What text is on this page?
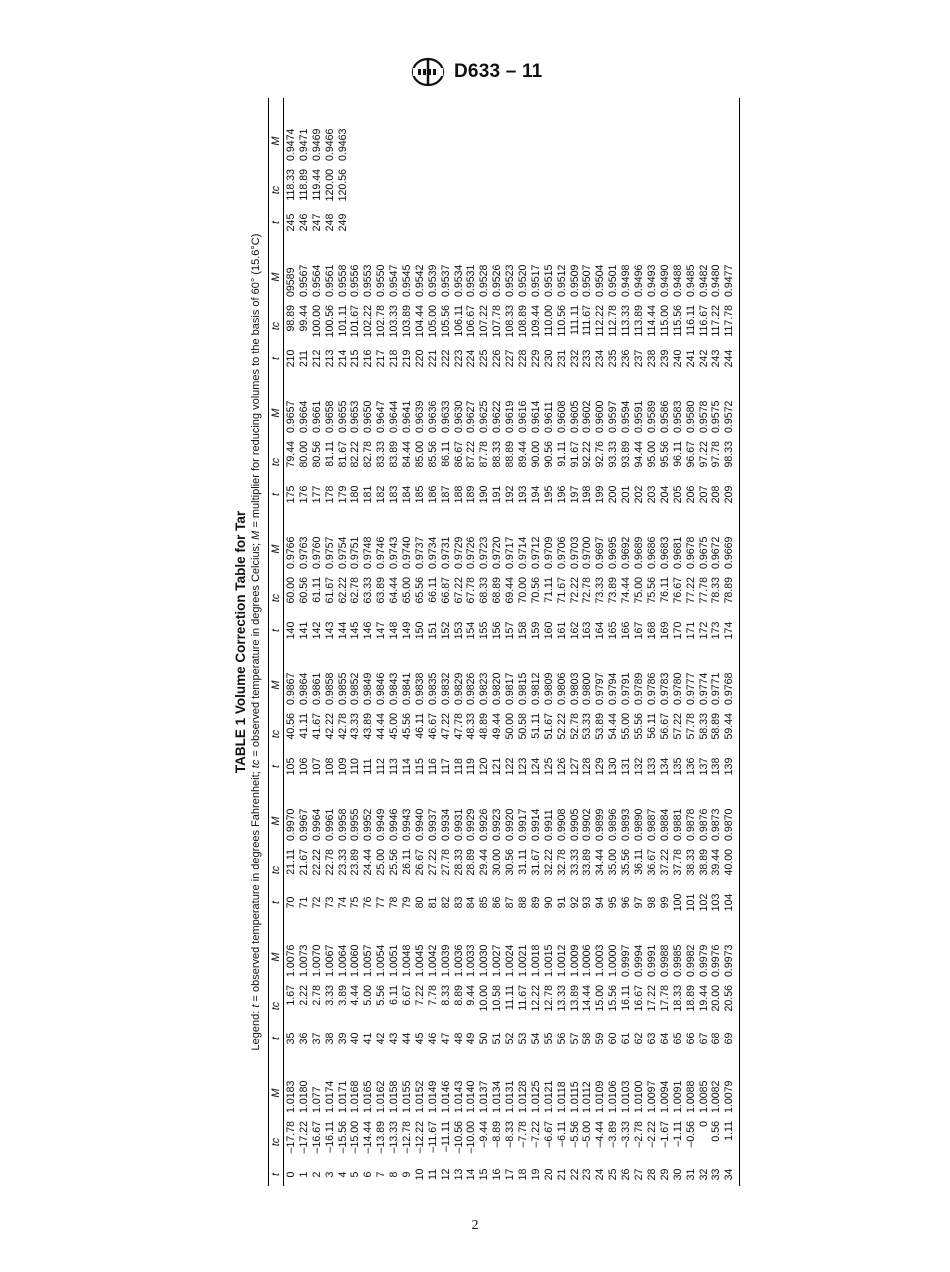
D633 – 11
TABLE 1 Volume Correction Table for Tar
Legend: t = observed temperature in degrees Fahrenheit; tc = observed temperature in degrees Celcius; M = multiplier for reducing volumes to the basis of 60° (15.6°C)
t
tc
M
0 1 2 3 4 5 6 7 8 9 10 11 12 13 14 15 16 17 18 19 20 21 22 23 24 25 26 27 28 29 30 31 32 33 34
–17.78 –17.22 –16.67 –16.11 –15.56 –15.00 –14.44 –13.89 –13.33 –12.78 –12.22 –11.67 –11.11 –10.56 –10.00 –9.44 –8.89 –8.33 –7.78 –7.22 –6.67 –6.11 –5.56 –5.00 –4.44 –3.89 –3.33 –2.78 –2.22 –1.67 –1.11 –0.56 0 0.56 1.11
1.0183 1.0180 1.077 1.0174 1.0171 1.0168 1.0165 1.0162 1.0158 1.0155 1.0152 1.0149 1.0146 1.0143 1.0140 1.0137 1.0134 1.0131 1.0128 1.0125 1.0121 1.0118 1.0115 1.0112 1.0109 1.0106 1.0103 1.0100 1.0097 1.0094 1.0091 1.0088 1.0085 1.0082 1.0079
t
tc
M
35 36 37 38 39 40 41 42 43 44 45 46 47 48 49 50 51 52 53 54 55 56 57 58 59 60 61 62 63 64 65 66 67 68 69
1.67 2.22 2.78 3.33 3.89 4.44 5.00 5.56 6.11 6.67 7.22 7.78 8.33 8.89 9.44 10.00 10.58 11.11 11.67 12.22 12.78 13.33 13.89 14.44 15.00 15.56 16.11 16.67 17.22 17.78 18.33 18.89 19.44 20.00 20.56
1.0076 1.0073 1.0070 1.0067 1.0064 1.0060 1.0057 1.0054 1.0051 1.0048 1.0045 1.0042 1.0039 1.0036 1.0033 1.0030 1.0027 1.0024 1.0021 1.0018 1.0015 1.0012 1.0009 1.0006 1.0003 1.0000 0.9997 0.9994 0.9991 0.9988 0.9985 0.9982 0.9979 0.9976 0.9973
t
tc
M
70 71 72 73 74 75 76 77 78 79 80 81 82 83 84 85 86 87 88 89 90 91 92 93 94 95 96 97 98 99 100 101 102 103 104
21.11 21.67 22.22 22.78 23.33 23.89 24.44 25.00 25.56 26.11 26.67 27.22 27.78 28.33 28.89 29.44 30.00 30.56 31.11 31.67 32.22 32.78 33.33 33.89 34.44 35.00 35.56 36.11 36.67 37.22 37.78 38.33 38.89 39.44 40.00
0.9970 0.9967 0.9964 0.9961 0.9958 0.9955 0.9952 0.9949 0.9946 0.9943 0.9940 0.9937 0.9934 0.9931 0.9929 0.9926 0.9923 0.9920 0.9917 0.9914 0.9911 0.9908 0.9905 0.9902 0.9899 0.9896 0.9893 0.9890 0.9887 0.9884 0.9881 0.9878 0.9876 0.9873 0.9870
t
tc
M
105 106 107 108 109 110 111 112 113 114 115 116 117 118 119 120 121 122 123 124 125 126 127 128 129 130 131 132 133 134 135 136 137 138 139
40.56 41.11 41.67 42.22 42.78 43.33 43.89 44.44 45.00 45.56 46.11 46.67 47.22 47.78 48.33 48.89 49.44 50.00 50.58 51.11 51.67 52.22 52.78 53.33 53.89 54.44 55.00 55.56 56.11 56.67 57.22 57.78 58.33 58.89 59.44
0.9867 0.9864 0.9861 0.9858 0.9855 0.9852 0.9849 0.9846 0.9843 0.9841 0.9838 0.9835 0.9832 0.9829 0.9826 0.9823 0.9820 0.9817 0.9815 0.9812 0.9809 0.9806 0.9803 0.9800 0.9797 0.9794 0.9791 0.9789 0.9786 0.9783 0.9780 0.9777 0.9774 0.9771 0.9768
t
tc
M
140 141 142 143 144 145 146 147 148 149 150 151 152 153 154 155 156 157 158 159 160 161 162 163 164 165 166 167 168 169 170 171 172 173 174
60.00 60.56 61.11 61.67 62.22 62.78 63.33 63.89 64.44 65.00 65.56 66.11 66.87 67.22 67.78 68.33 68.89 69.44 70.00 70.56 71.11 71.67 72.22 72.78 73.33 73.89 74.44 75.00 75.56 76.11 76.67 77.22 77.78 78.33 78.89
0.9766 0.9763 0.9760 0.9757 0.9754 0.9751 0.9748 0.9746 0.9743 0.9740 0.9737 0.9734 0.9731 0.9729 0.9726 0.9723 0.9720 0.9717 0.9714 0.9712 0.9709 0.9706 0.9703 0.9700 0.9697 0.9695 0.9692 0.9689 0.9686 0.9683 0.9681 0.9678 0.9675 0.9672 0.9669
t
tc
M
175 176 177 178 179 180 181 182 183 184 185 186 187 188 189 190 191 192 193 194 195 196 197 198 199 200 201 202 203 204 205 206 207 208 209
79.44 80.00 80.56 81.11 81.67 82.22 82.78 83.33 83.89 84.44 85.00 85.56 86.11 86.67 87.22 87.78 88.33 88.89 89.44 90.00 90.56 91.11 91.67 92.22 92.76 93.33 93.89 94.44 95.00 95.56 96.11 96.67 97.22 97.78 98.33
0.9657 0.9664 0.9661 0.9658 0.9655 0.9653 0.9650 0.9647 0.9644 0.9641 0.9639 0.9636 0.9633 0.9630 0.9627 0.9625 0.9622 0.9619 0.9616 0.9614 0.9611 0.9608 0.9605 0.9602 0.9600 0.9597 0.9594 0.9591 0.9589 0.9586 0.9583 0.9580 0.9578 0.9575 0.9572
t
tc
M
210 211 212 213 214 215 216 217 218 219 220 221 222 223 224 225 226 227 228 229 230 231 232 233 234 235 236 237 238 239 240 241 242 243 244
98.89 99.44 100.00 100.56 101.11 101.67 102.22 102.78 103.33 103.89 104.44 105.00 105.56 106.11 106.67 107.22 107.78 108.33 108.89 109.44 110.00 110.56 111.11 111.67 112.22 112.78 113.33 113.89 114.44 115.00 115.56 116.11 116.67 117.22 117.78
09589 0.9567 0.9564 0.9561 0.9558 0.9556 0.9553 0.9550 0.9547 0.9545 0.9542 0.9539 0.9537 0.9534 0.9531 0.9528 0.9526 0.9523 0.9520 0.9517 0.9515 0.9512 0.9509 0.9507 0.9504 0.9501 0.9498 0.9496 0.9493 0.9490 0.9488 0.9485 0.9482 0.9480 0.9477
t
tc
M
245 246 247 248 249
118.33 118.89 119.44 120.00 120.56
0.9474 0.9471 0.9469 0.9466 0.9463
2
